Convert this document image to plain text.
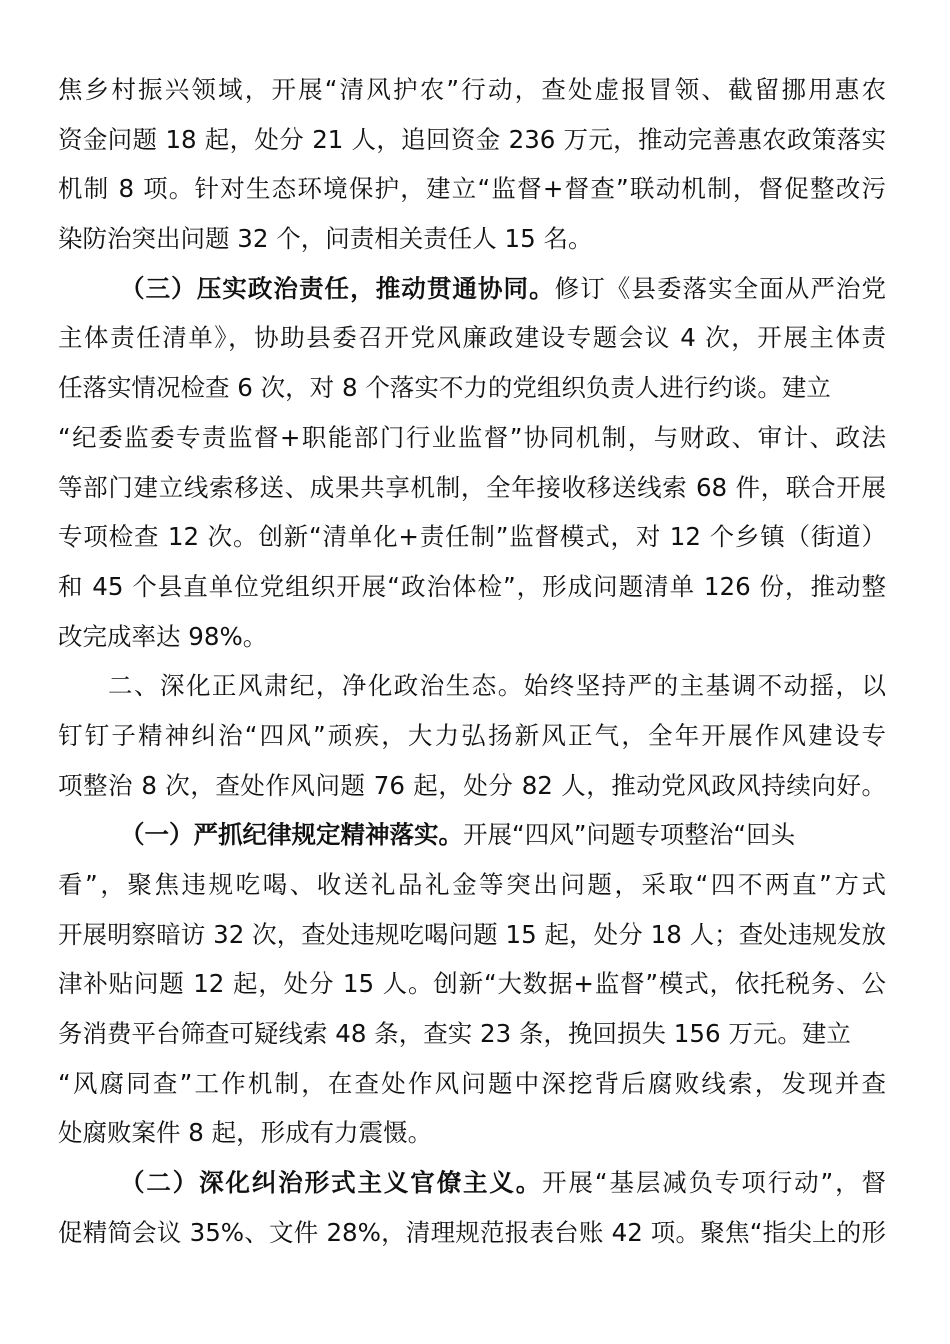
焦乡村振兴领域，开展“清风护农”行动，查处虚报冒领、截留挪用惠农
资金问题 18 起，处分 21 人，追回资金 236 万元，推动完善惠农政策落实
机制 8 项。针对生态环境保护，建立“监督+督查”联动机制，督促整改污
染防治突出问题 32 个，问责相关责任人 15 名。
（三）压实政治责任，推动贯通协同。修订《县委落实全面从严治党
主体责任清单》，协助县委召开党风廉政建设专题会议 4 次，开展主体责
任落实情况检查 6 次，对 8 个落实不力的党组织负责人进行约谈。建立
“纪委监委专责监督+职能部门行业监督”协同机制，与财政、审计、政法
等部门建立线索移送、成果共享机制，全年接收移送线索 68 件，联合开展
专项检查 12 次。创新“清单化+责任制”监督模式，对 12 个乡镇（街道）
和 45 个县直单位党组织开展“政治体检”，形成问题清单 126 份，推动整
改完成率达 98%。
二、深化正风肃纪，净化政治生态。始终坚持严的主基调不动摇，以
钉钉子精神纠治“四风”顽疾，大力弘扬新风正气，全年开展作风建设专
项整治 8 次，查处作风问题 76 起，处分 82 人，推动党风政风持续向好。
（一）严抓纪律规定精神落实。开展“四风”问题专项整治“回头
看”，聚焦违规吃喝、收送礼品礼金等突出问题，采取“四不两直”方式
开展明察暗访 32 次，查处违规吃喝问题 15 起，处分 18 人；查处违规发放
津补贴问题 12 起，处分 15 人。创新“大数据+监督”模式，依托税务、公
务消费平台筛查可疑线索 48 条，查实 23 条，挽回损失 156 万元。建立
“风腐同查”工作机制，在查处作风问题中深挖背后腐败线索，发现并查
处腐败案件 8 起，形成有力震慑。
（二）深化纠治形式主义官僚主义。开展“基层减负专项行动”，督
促精简会议 35%、文件 28%，清理规范报表台账 42 项。聚焦“指尖上的形
